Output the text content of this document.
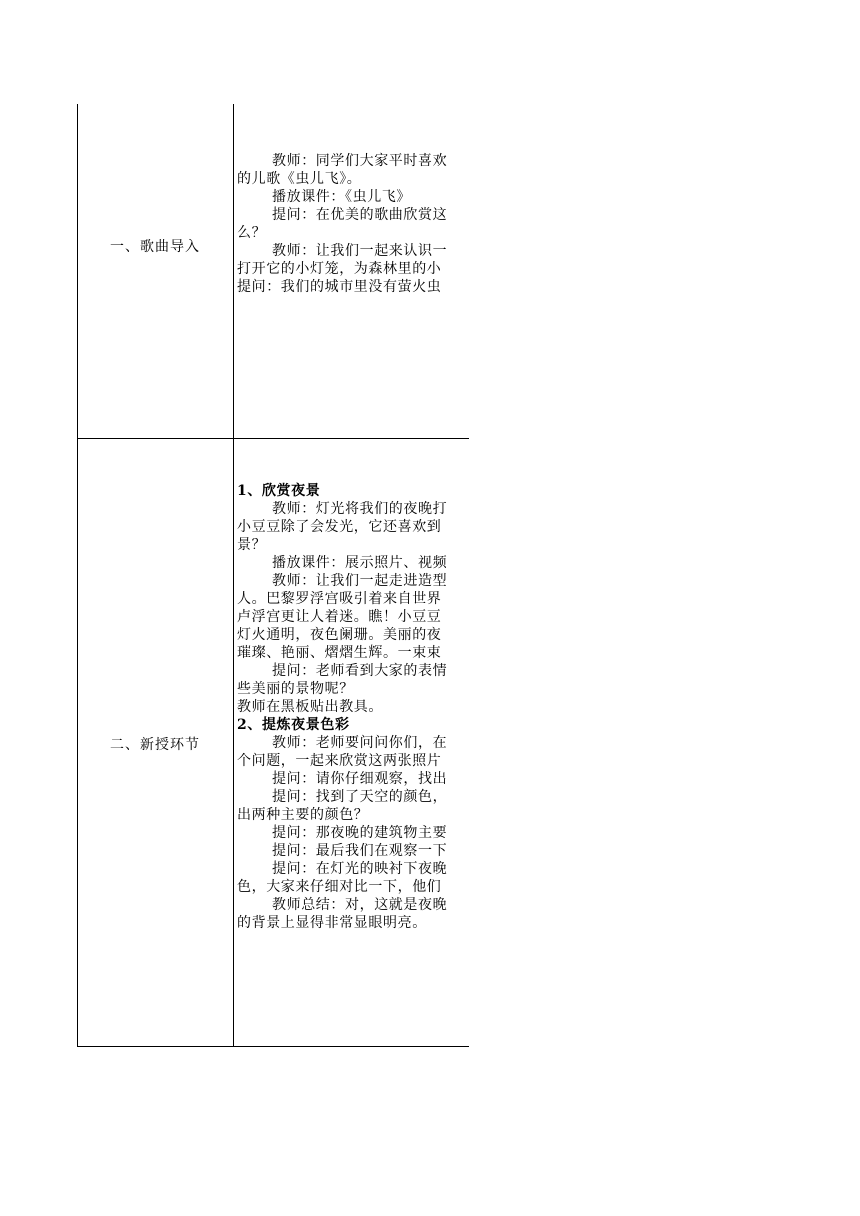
一、歌曲导入
教师：同学们大家平时喜欢
的儿歌《虫儿飞》。
播放课件：《虫儿飞》
提问：在优美的歌曲欣赏这
么？
教师：让我们一起来认识一
打开它的小灯笼，为森林里的小
提问：我们的城市里没有萤火虫
二、新授环节
1、欣赏夜景
教师：灯光将我们的夜晚打
小豆豆除了会发光，它还喜欢到
景？
播放课件：展示照片、视频
教师：让我们一起走进造型
人。巴黎罗浮宫吸引着来自世界
卢浮宫更让人着迷。瞧！小豆豆
灯火通明，夜色阑珊。美丽的夜
璀璨、艳丽、熠熠生辉。一束束
提问：老师看到大家的表情
些美丽的景物呢？
教师在黑板贴出教具。
2、提炼夜景色彩
教师：老师要问问你们，在
个问题，一起来欣赏这两张照片
提问：请你仔细观察，找出
提问：找到了天空的颜色，
出两种主要的颜色？
提问：那夜晚的建筑物主要
提问：最后我们在观察一下
提问：在灯光的映衬下夜晚
色，大家来仔细对比一下，他们
教师总结：对，这就是夜晚
的背景上显得非常显眼明亮。
